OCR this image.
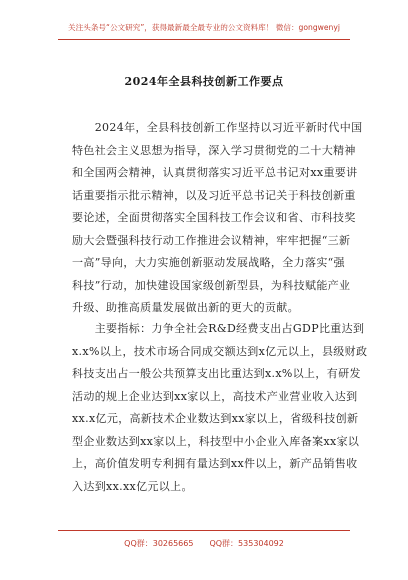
关注头条号“公文研究”，获得最新最全最专业的公文资料库！ 微信：gongwenyj
2024年全县科技创新工作要点
　　2024年，全县科技创新工作坚持以习近平新时代中国
特色社会主义思想为指导，深入学习贯彻党的二十大精神
和全国两会精神，认真贯彻落实习近平总书记对xx重要讲
话重要指示批示精神，以及习近平总书记关于科技创新重
要论述，全面贯彻落实全国科技工作会议和省、市科技奖
励大会暨强科技行动工作推进会议精神，牢牢把握“三新
一高”导向，大力实施创新驱动发展战略，全力落实“强
科技”行动，加快建设国家级创新型县，为科技赋能产业
升级、助推高质量发展做出新的更大的贡献。
　　主要指标：力争全社会R&D经费支出占GDP比重达到
x.x%以上，技术市场合同成交额达到x亿元以上，县级财政
科技支出占一般公共预算支出比重达到x.x%以上，有研发
活动的规上企业达到xx家以上，高技术产业营业收入达到
xx.x亿元，高新技术企业数达到xx家以上，省级科技创新
型企业数达到xx家以上，科技型中小企业入库备案xx家以
上，高价值发明专利拥有量达到xx件以上，新产品销售收
入达到xx.xx亿元以上。
QQ群：30265665　　QQ群：535304092
